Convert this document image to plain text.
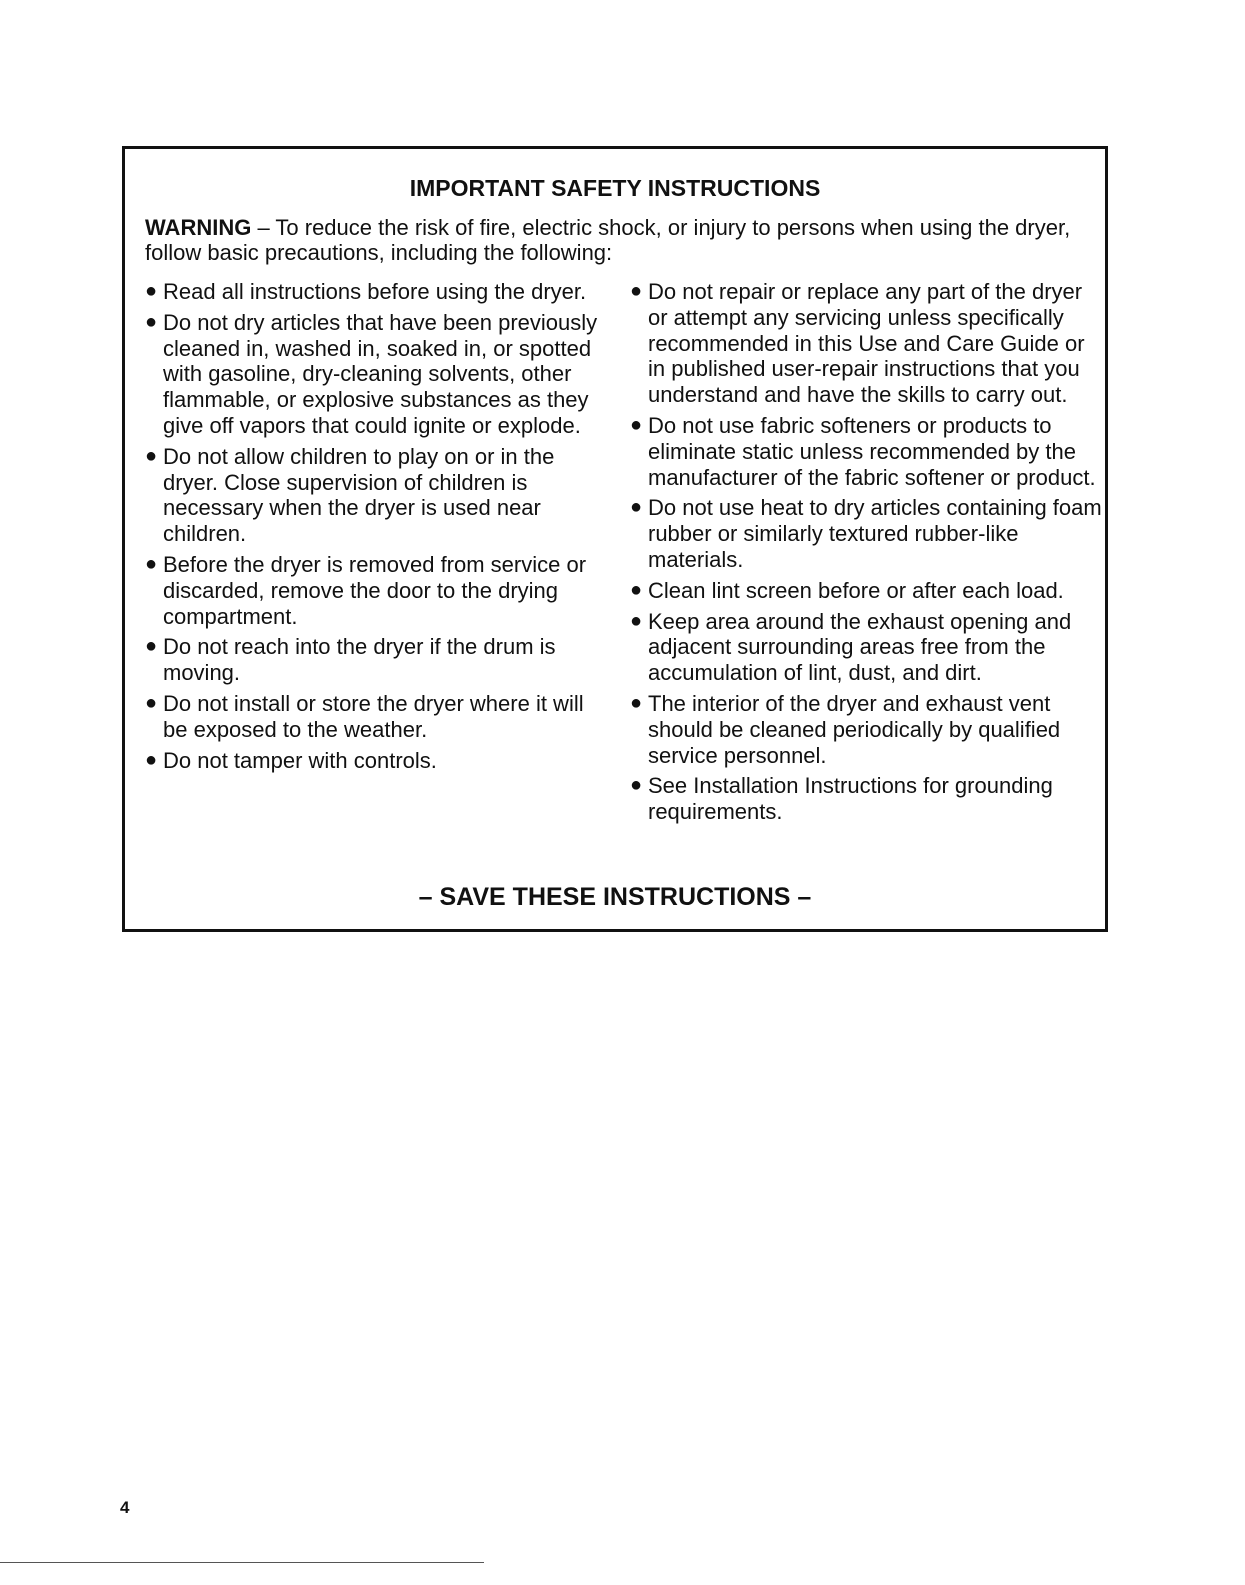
IMPORTANT SAFETY INSTRUCTIONS

WARNING – To reduce the risk of fire, electric shock, or injury to persons when using the dryer, follow basic precautions, including the following:

● Read all instructions before using the dryer.
● Do not dry articles that have been previously cleaned in, washed in, soaked in, or spotted with gasoline, dry-cleaning solvents, other flammable, or explosive substances as they give off vapors that could ignite or explode.
● Do not allow children to play on or in the dryer. Close supervision of children is necessary when the dryer is used near children.
● Before the dryer is removed from service or discarded, remove the door to the drying compartment.
● Do not reach into the dryer if the drum is moving.
● Do not install or store the dryer where it will be exposed to the weather.
● Do not tamper with controls.
● Do not repair or replace any part of the dryer or attempt any servicing unless specifically recommended in this Use and Care Guide or in published user-repair instructions that you understand and have the skills to carry out.
● Do not use fabric softeners or products to eliminate static unless recommended by the manufacturer of the fabric softener or product.
● Do not use heat to dry articles containing foam rubber or similarly textured rubber-like materials.
● Clean lint screen before or after each load.
● Keep area around the exhaust opening and adjacent surrounding areas free from the accumulation of lint, dust, and dirt.
● The interior of the dryer and exhaust vent should be cleaned periodically by qualified service personnel.
● See Installation Instructions for grounding requirements.

– SAVE THESE INSTRUCTIONS –

4
